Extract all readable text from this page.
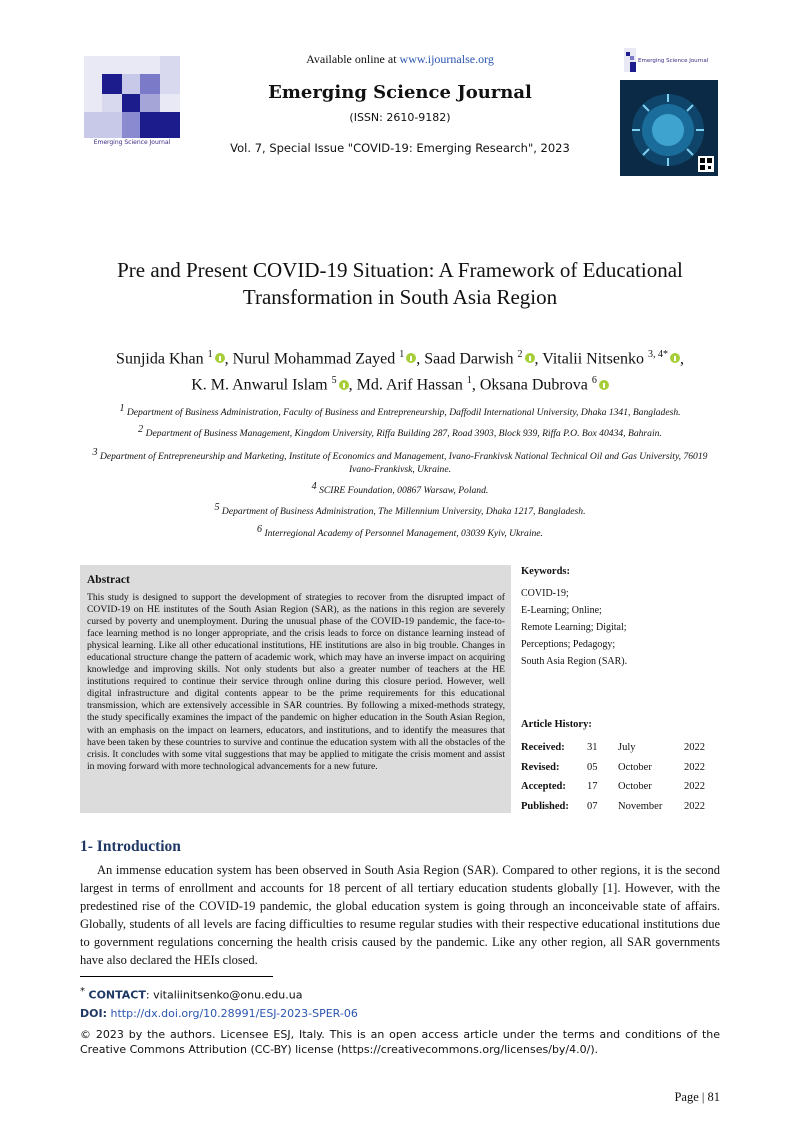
Available online at www.ijournalse.org
Emerging Science Journal
Emerging Science Journal
(ISSN: 2610-9182)
Vol. 7, Special Issue "COVID-19: Emerging Research", 2023
Emerging Science Journal
Pre and Present COVID-19 Situation: A Framework of Educational Transformation in South Asia Region
Sunjida Khan $^1$ , Nurul Mohammad Zayed $^1$ , Saad Darwish $^2$ , Vitalii Nitsenko $^{3, 4*}$ ,
K. M. Anwarul Islam $^5$ , Md. Arif Hassan $^1$, Oksana Dubrova $^6$
$^1$ Department of Business Administration, Faculty of Business and Entrepreneurship, Daffodil International University, Dhaka 1341, Bangladesh.
$^2$ Department of Business Management, Kingdom University, Riffa Building 287, Road 3903, Block 939, Riffa P.O. Box 40434, Bahrain.
$^3$ Department of Entrepreneurship and Marketing, Institute of Economics and Management, Ivano-Frankivsk National Technical Oil and Gas University, 76019 Ivano-Frankivsk, Ukraine.
$^4$ SCIRE Foundation, 00867 Warsaw, Poland.
$^5$ Department of Business Administration, The Millennium University, Dhaka 1217, Bangladesh.
$^6$ Interregional Academy of Personnel Management, 03039 Kyiv, Ukraine.
Abstract
This study is designed to support the development of strategies to recover from the disrupted impact of COVID-19 on HE institutes of the South Asian Region (SAR), as the nations in this region are severely cursed by poverty and unemployment. During the unusual phase of the COVID-19 pandemic, the face-to-face learning method is no longer appropriate, and the crisis leads to force on distance learning instead of physical learning. Like all other educational institutions, HE institutions are also in big trouble. Changes in educational structure change the pattern of academic work, which may have an inverse impact on acquiring knowledge and improving skills. Not only students but also a greater number of teachers at the HE institutions required to continue their service through online during this closure period. However, well digital infrastructure and digital contents appear to be the prime requirements for this educational transmission, which are extensively accessible in SAR countries. By following a mixed-methods strategy, the study specifically examines the impact of the pandemic on higher education in the South Asian Region, with an emphasis on the impact on learners, educators, and institutions, and to identify the measures that have been taken by these countries to survive and continue the education system with all the obstacles of the crisis. It concludes with some vital suggestions that may be applied to mitigate the crisis moment and assist in moving forward with more technological advancements for a new future.
Keywords:
COVID-19;
E-Learning; Online;
Remote Learning; Digital;
Perceptions; Pedagogy;
South Asia Region (SAR).
Article History:
Received: 31 July	2022
Revised:	05 October	2022
Accepted: 17 October	2022
Published: 07 November 2022
1- Introduction
An immense education system has been observed in South Asia Region (SAR). Compared to other regions, it is the second largest in terms of enrollment and accounts for 18 percent of all tertiary education students globally [1]. However, with the predestined rise of the COVID-19 pandemic, the global education system is going through an inconceivable state of affairs. Globally, students of all levels are facing difficulties to resume regular studies with their respective educational institutions due to government regulations concerning the health crisis caused by the pandemic. Like any other region, all SAR governments have also declared the HEIs closed.
* CONTACT: vitaliinitsenko@onu.edu.ua
DOI: http://dx.doi.org/10.28991/ESJ-2023-SPER-06
© 2023 by the authors. Licensee ESJ, Italy. This is an open access article under the terms and conditions of the Creative Commons Attribution (CC-BY) license (https://creativecommons.org/licenses/by/4.0/).
Page | 81
